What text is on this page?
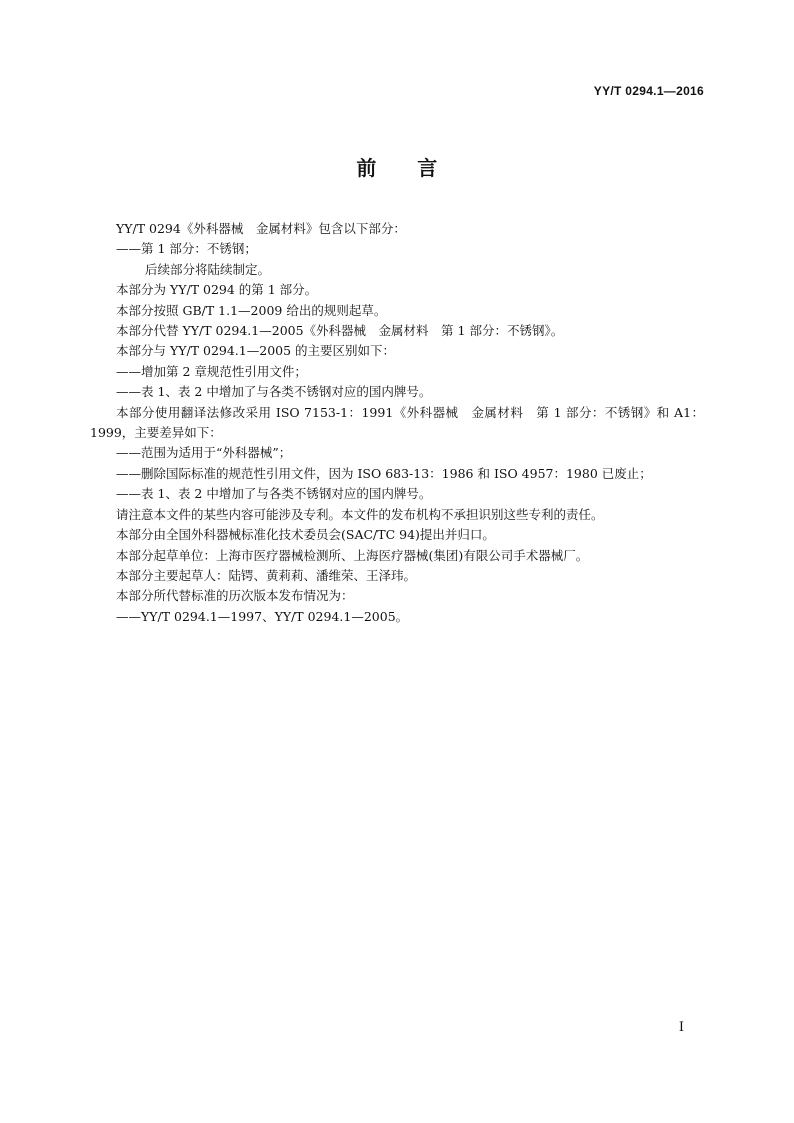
YY/T 0294.1—2016
前　　言

YY/T 0294《外科器械　金属材料》包含以下部分：

——第 1 部分：不锈钢；

后续部分将陆续制定。

本部分为 YY/T 0294 的第 1 部分。

本部分按照 GB/T 1.1—2009 给出的规则起草。

本部分代替 YY/T 0294.1—2005《外科器械　金属材料　第 1 部分：不锈钢》。

本部分与 YY/T 0294.1—2005 的主要区别如下：

——增加第 2 章规范性引用文件；

——表 1、表 2 中增加了与各类不锈钢对应的国内牌号。

本部分使用翻译法修改采用 ISO 7153-1：1991《外科器械　金属材料　第 1 部分：不锈钢》和 A1：1999，主要差异如下：

——范围为适用于“外科器械”；

——删除国际标准的规范性引用文件，因为 ISO 683-13：1986 和 ISO 4957：1980 已废止；

——表 1、表 2 中增加了与各类不锈钢对应的国内牌号。

请注意本文件的某些内容可能涉及专利。本文件的发布机构不承担识别这些专利的责任。

本部分由全国外科器械标准化技术委员会(SAC/TC 94)提出并归口。

本部分起草单位：上海市医疗器械检测所、上海医疗器械(集团)有限公司手术器械厂。

本部分主要起草人：陆锷、黄莉莉、潘维荣、王泽玮。

本部分所代替标准的历次版本发布情况为：

——YY/T 0294.1—1997、YY/T 0294.1—2005。

I
